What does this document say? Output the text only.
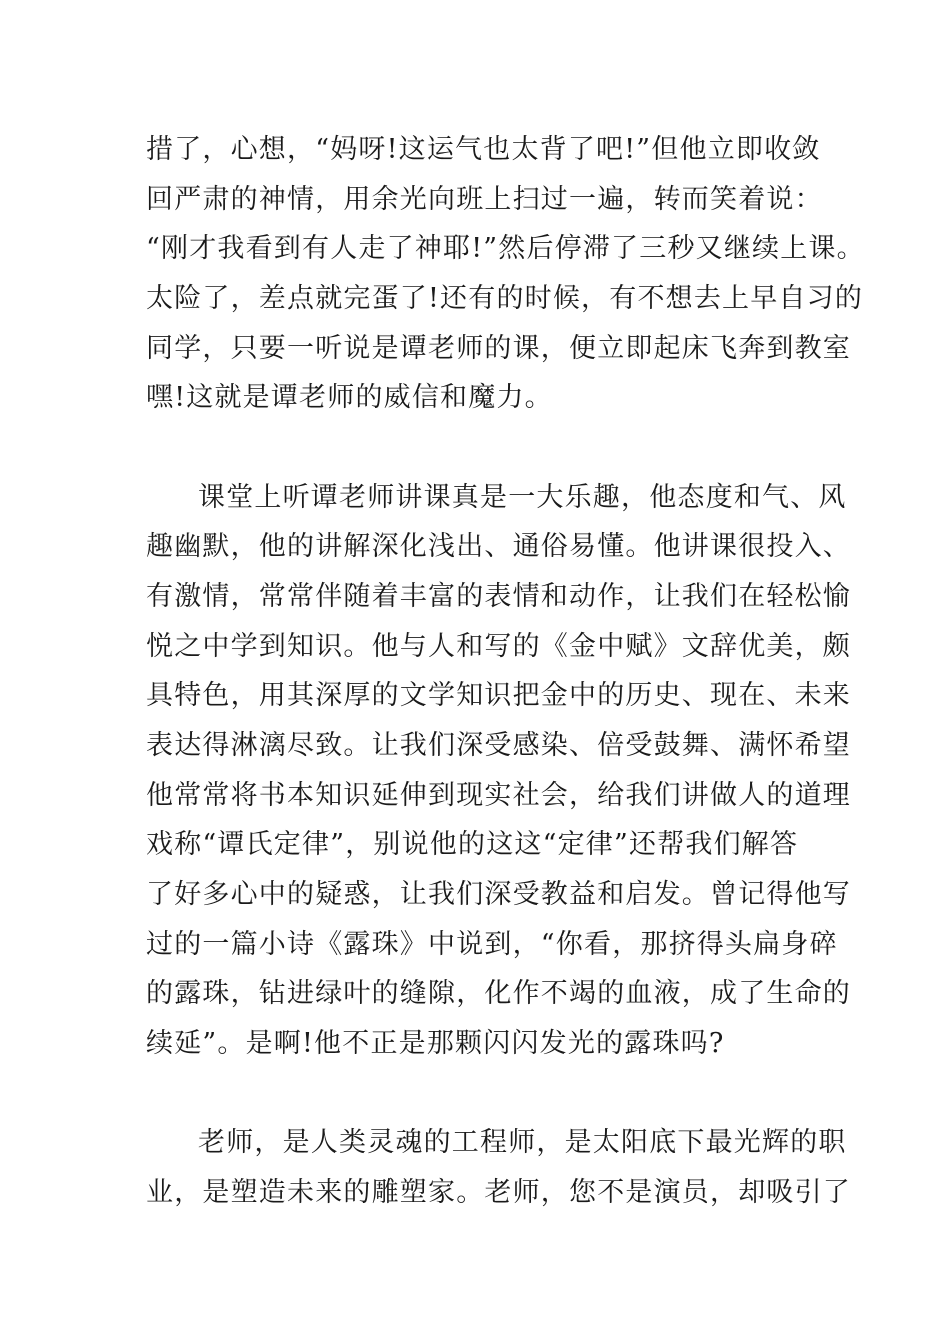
措了，心想，“妈呀!这运气也太背了吧!”但他立即收敛
回严肃的神情，用余光向班上扫过一遍，转而笑着说：
“刚才我看到有人走了神耶!”然后停滞了三秒又继续上课。
太险了，差点就完蛋了!还有的时候，有不想去上早自习的
同学，只要一听说是谭老师的课，便立即起床飞奔到教室
嘿!这就是谭老师的威信和魔力。
课堂上听谭老师讲课真是一大乐趣，他态度和气、风
趣幽默，他的讲解深化浅出、通俗易懂。他讲课很投入、
有激情，常常伴随着丰富的表情和动作，让我们在轻松愉
悦之中学到知识。他与人和写的《金中赋》文辞优美，颇
具特色，用其深厚的文学知识把金中的历史、现在、未来
表达得淋漓尽致。让我们深受感染、倍受鼓舞、满怀希望
他常常将书本知识延伸到现实社会，给我们讲做人的道理
戏称“谭氏定律”，别说他的这这“定律”还帮我们解答
了好多心中的疑惑，让我们深受教益和启发。曾记得他写
过的一篇小诗《露珠》中说到，“你看，那挤得头扁身碎
的露珠，钻进绿叶的缝隙，化作不竭的血液，成了生命的
续延”。是啊!他不正是那颗闪闪发光的露珠吗?
老师，是人类灵魂的工程师，是太阳底下最光辉的职
业，是塑造未来的雕塑家。老师，您不是演员，却吸引了
